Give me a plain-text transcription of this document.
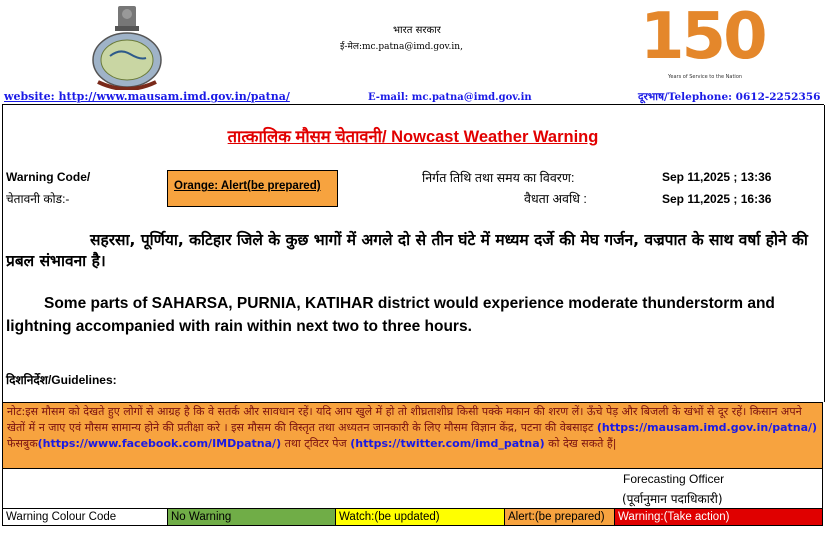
भारत सरकार
ई-मेल:mc.patna@imd.gov.in,	150
Years of Service to the Nation
website: http://www.mausam.imd.gov.in/patna/	E-mail: mc.patna@imd.gov.in	दूरभाष/Telephone: 0612-2252356
तात्कालिक मौसम चेतावनी/ Nowcast Weather Warning
Warning Code/
चेतावनी कोड:-
Orange: Alert(be prepared)
निर्गत तिथि तथा समय का विवरण:	Sep 11,2025 ; 13:36
वैधता अवधि :	Sep 11,2025 ; 16:36
सहरसा, पूर्णिया, कटिहार जिले के कुछ भागों में अगले दो से तीन घंटे में मध्यम दर्जे की मेघ गर्जन, वज्रपात के साथ वर्षा होने की प्रबल संभावना है।
Some parts of SAHARSA, PURNIA, KATIHAR district would experience moderate thunderstorm and lightning accompanied with rain within next two to three hours.
दिशनिर्देश/Guidelines:

नोट:इस मौसम को देखते हुए लोगों से आग्रह है कि वे सतर्क और सावधान रहें। यदि आप खुले में हो तो शीघ्रताशीघ्र किसी पक्के मकान की शरण लें। ऊँचे पेड़ और बिजली के खंभों से दूर रहें। किसान अपने खेतों में न जाए एवं मौसम सामान्य होने की प्रतीक्षा करे । इस मौसम की विस्तृत तथा अध्यतन जानकारी के लिए मौसम विज्ञान केंद्र, पटना की वेबसाइट (https://mausam.imd.gov.in/patna/) फेसबुक(https://www.facebook.com/IMDpatna/) तथा ट्विटर पेज (https://twitter.com/imd_patna) को देख सकते हैं|

Forecasting Officer
(पूर्वानुमान पदाधिकारी)
Warning Colour Code	No Warning	Watch:(be updated)	Alert:(be prepared)	Warning:(Take action)
